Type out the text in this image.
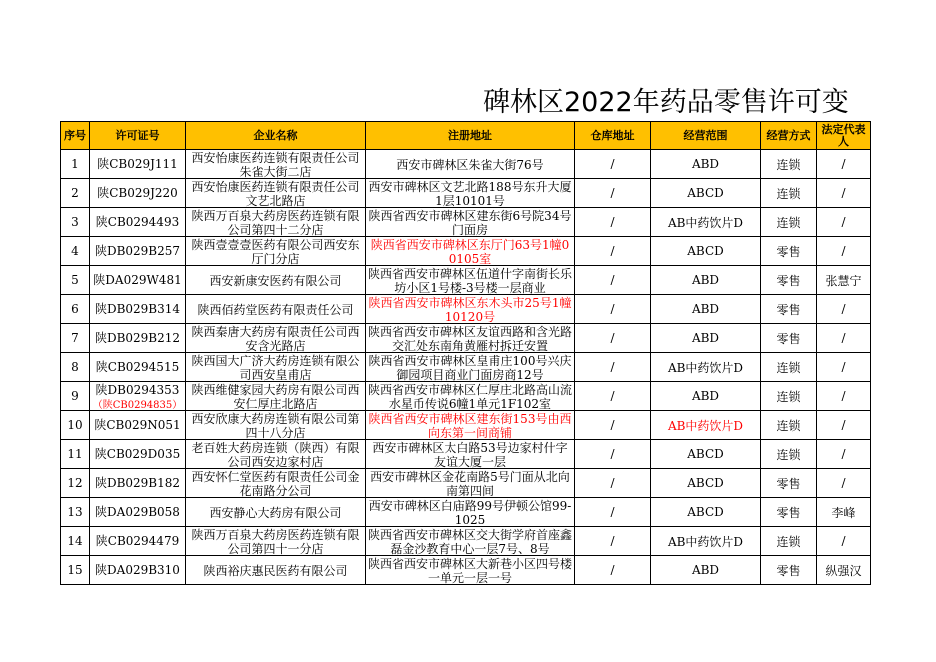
碑林区2022年药品零售许可变
序号	许可证号	企业名称	注册地址	仓库地址	经营范围	经营方式	法定代表人

1	陕CB029J111	西安怡康医药连锁有限责任公司朱雀大街二店	西安市碑林区朱雀大街76号	/	ABD	连锁	/

2	陕CB029J220	西安怡康医药连锁有限责任公司文艺北路店	西安市碑林区文艺北路188号东升大厦1层10101号	/	ABCD	连锁	/

3	陕CB0294493	陕西万百泉大药房医药连锁有限公司第四十二分店	陕西省西安市碑林区建东街6号院34号门面房	/	AB中药饮片D	连锁	/

4	陕DB029B257	陕西壹壹壹医药有限公司西安东厅门分店	陕西省西安市碑林区东厅门63号1幢00105室	/	ABCD	零售	/

5	陕DA029W481	西安新康安医药有限公司	陕西省西安市碑林区伍道什字南街长乐坊小区1号楼-3号楼一层商业	/	ABD	零售	张慧宁

6	陕DB029B314	陕西佰药堂医药有限责任公司	陕西省西安市碑林区东木头市25号1幢10120号	/	ABD	零售	/

7	陕DB029B212	陕西秦唐大药房有限责任公司西安含光路店	陕西省西安市碑林区友谊西路和含光路交汇处东南角黄雁村拆迁安置	/	ABD	零售	/

8	陕CB0294515	陕西国大广济大药房连锁有限公司西安皇甫店	陕西省西安市碑林区皇甫庄100号兴庆御园项目商业门面房商12号	/	AB中药饮片D	连锁	/

9	陕DB0294353（陕CB0294835）	陕西维健家园大药房有限公司西安仁厚庄北路店	陕西省西安市碑林区仁厚庄北路高山流水星币传说6幢1单元1F102室	/	ABD	连锁	/

10	陕CB029N051	西安欣康大药房连锁有限公司第四十八分店	陕西省西安市碑林区建东街153号由西向东第一间商铺	/	AB中药饮片D	连锁	/

11	陕CB029D035	老百姓大药房连锁（陕西）有限公司西安边家村店	西安市碑林区太白路53号边家村什字友谊大厦一层	/	ABCD	连锁	/

12	陕DB029B182	西安怀仁堂医药有限责任公司金花南路分公司	西安市碑林区金花南路5号门面从北向南第四间	/	ABCD	零售	/

13	陕DA029B058	西安静心大药房有限公司	西安市碑林区白庙路99号伊顿公馆99-1025	/	ABCD	零售	李峰

14	陕CB0294479	陕西万百泉大药房医药连锁有限公司第四十一分店	陕西省西安市碑林区交大街学府首座鑫磊金沙教育中心一层7号、8号	/	AB中药饮片D	连锁	/

15	陕DA029B310	陕西裕庆惠民医药有限公司	陕西省西安市碑林区大新巷小区四号楼一单元一层一号	/	ABD	零售	纵强汉
